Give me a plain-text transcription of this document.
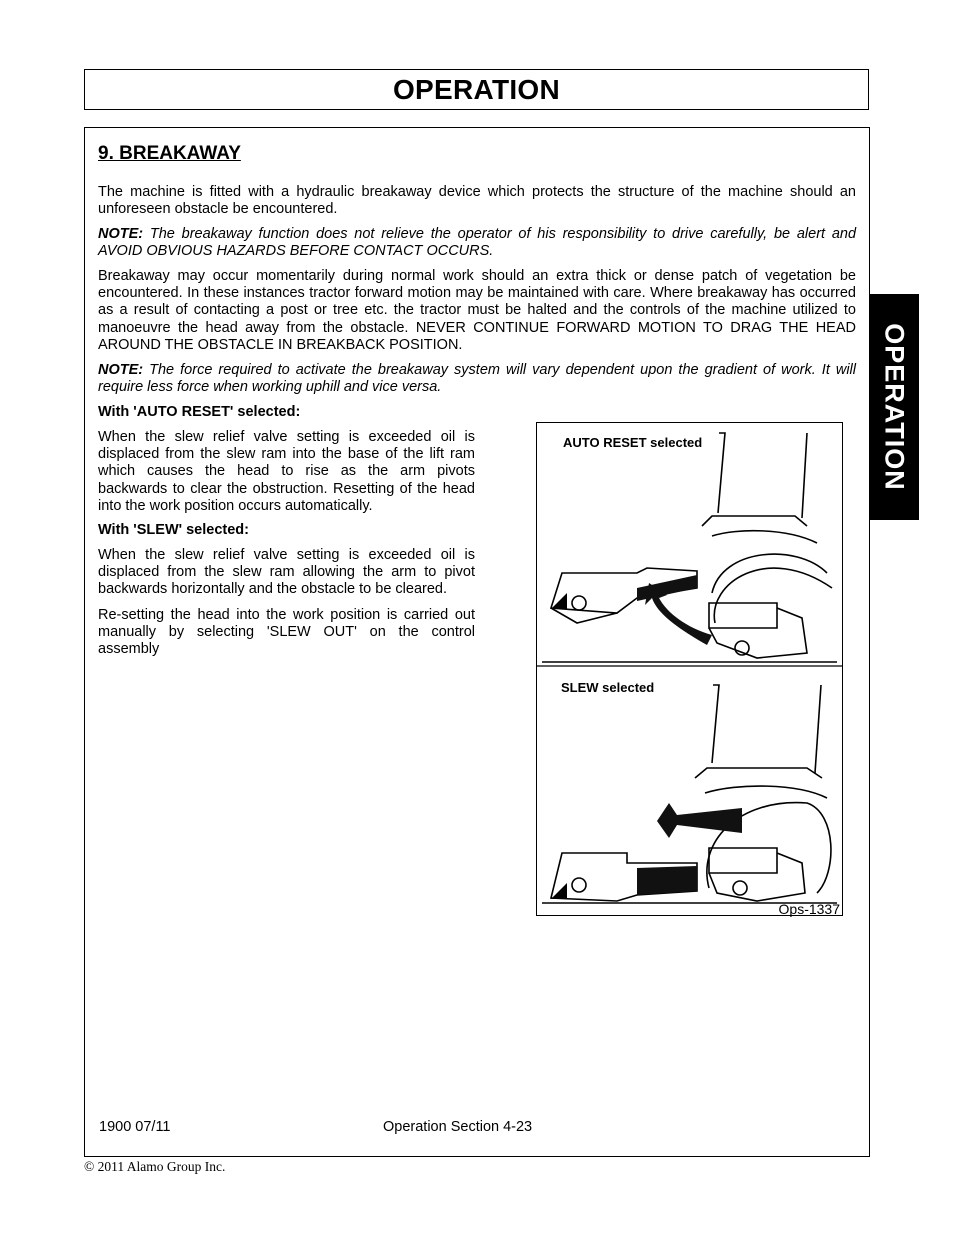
OPERATION
OPERATION
9. BREAKAWAY

The machine is fitted with a hydraulic breakaway device which protects the structure of the machine should an unforeseen obstacle be encountered.

NOTE: The breakaway function does not relieve the operator of his responsibility to drive carefully, be alert and AVOID OBVIOUS HAZARDS BEFORE CONTACT OCCURS.

Breakaway may occur momentarily during normal work should an extra thick or dense patch of vegetation be encountered. In these instances tractor forward motion may be maintained with care. Where breakaway has occurred as a result of contacting a post or tree etc. the tractor must be halted and the controls of the machine utilized to manoeuvre the head away from the obstacle. NEVER CONTINUE FORWARD MOTION TO DRAG THE HEAD AROUND THE OBSTACLE IN BREAKBACK POSITION.

NOTE: The force required to activate the breakaway system will vary dependent upon the gradient of work. It will require less force when working uphill and vice versa.

With 'AUTO RESET' selected:

When the slew relief valve setting is exceeded oil is displaced from the slew ram into the base of the lift ram which causes the head to rise as the arm pivots backwards to clear the obstruction. Resetting of the head into the work position occurs automatically.

With 'SLEW' selected:

When the slew relief valve setting is exceeded oil is displaced from the slew ram allowing the arm to pivot backwards horizontally and the obstacle to be cleared.

Re-setting the head into the work position is carried out manually by selecting 'SLEW OUT' on the control assembly

AUTO RESET selected
SLEW selected
Ops-1337
1900 07/11	Operation Section 4-23
© 2011 Alamo Group Inc.
